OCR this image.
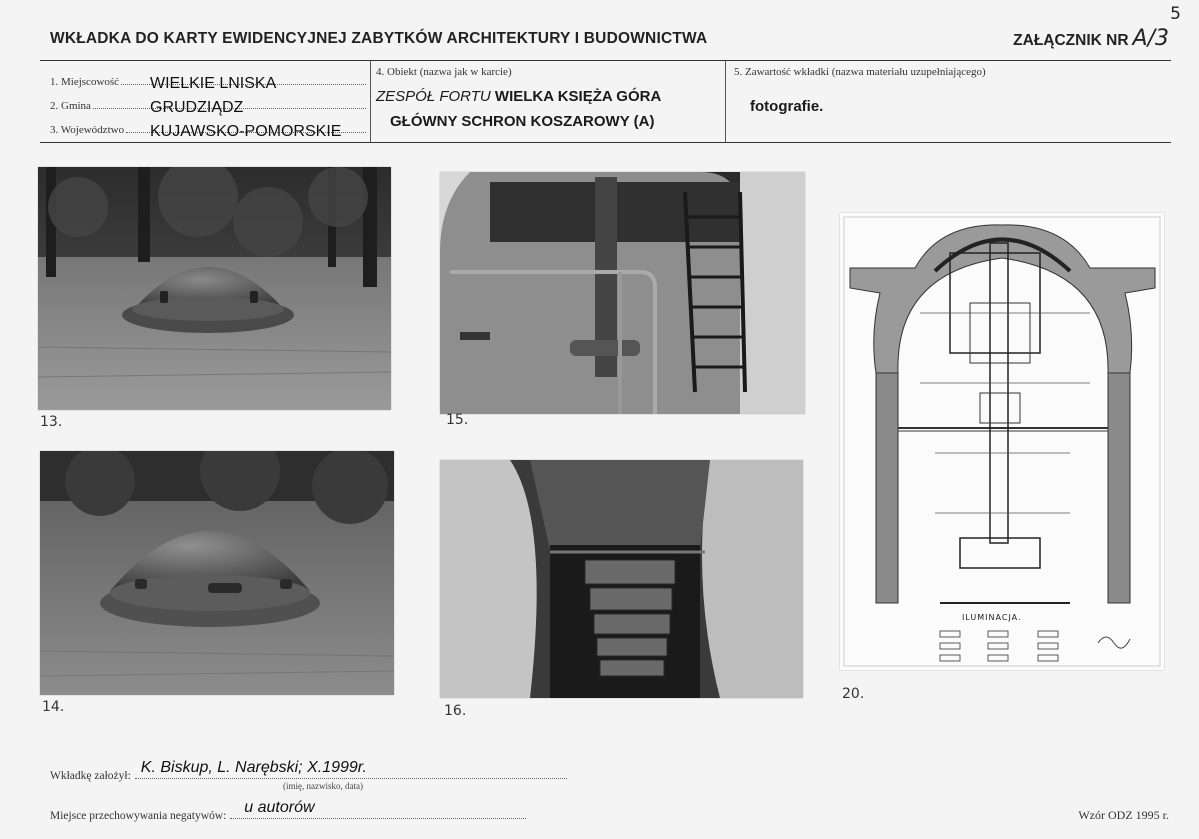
5
WKŁADKA DO KARTY EWIDENCYJNEJ ZABYTKÓW ARCHITEKTURY I BUDOWNICTWA	ZAŁĄCZNIK NR A/3
1. Miejscowość WIELKIE LNISKA
2. Gmina	GRUDZIĄDZ
3. Województwo KUJAWSKO-POMORSKIE
4. Obiekt (nazwa jak w karcie)
ZESPÓŁ FORTU WIELKA KSIĘŻA GÓRA
GŁÓWNY SCHRON KOSZAROWY (A)
5. Zawartość wkładki (nazwa materiału uzupełniającego)
fotografie.
13.	15.
14.	16.
ILUMINACJA.
20.
Wkładkę założył: K. Biskup, L. Narębski; X.1999r.
(imię, nazwisko, data)
Miejsce przechowywania negatywów: u autorów	Wzór ODZ 1995 r.
